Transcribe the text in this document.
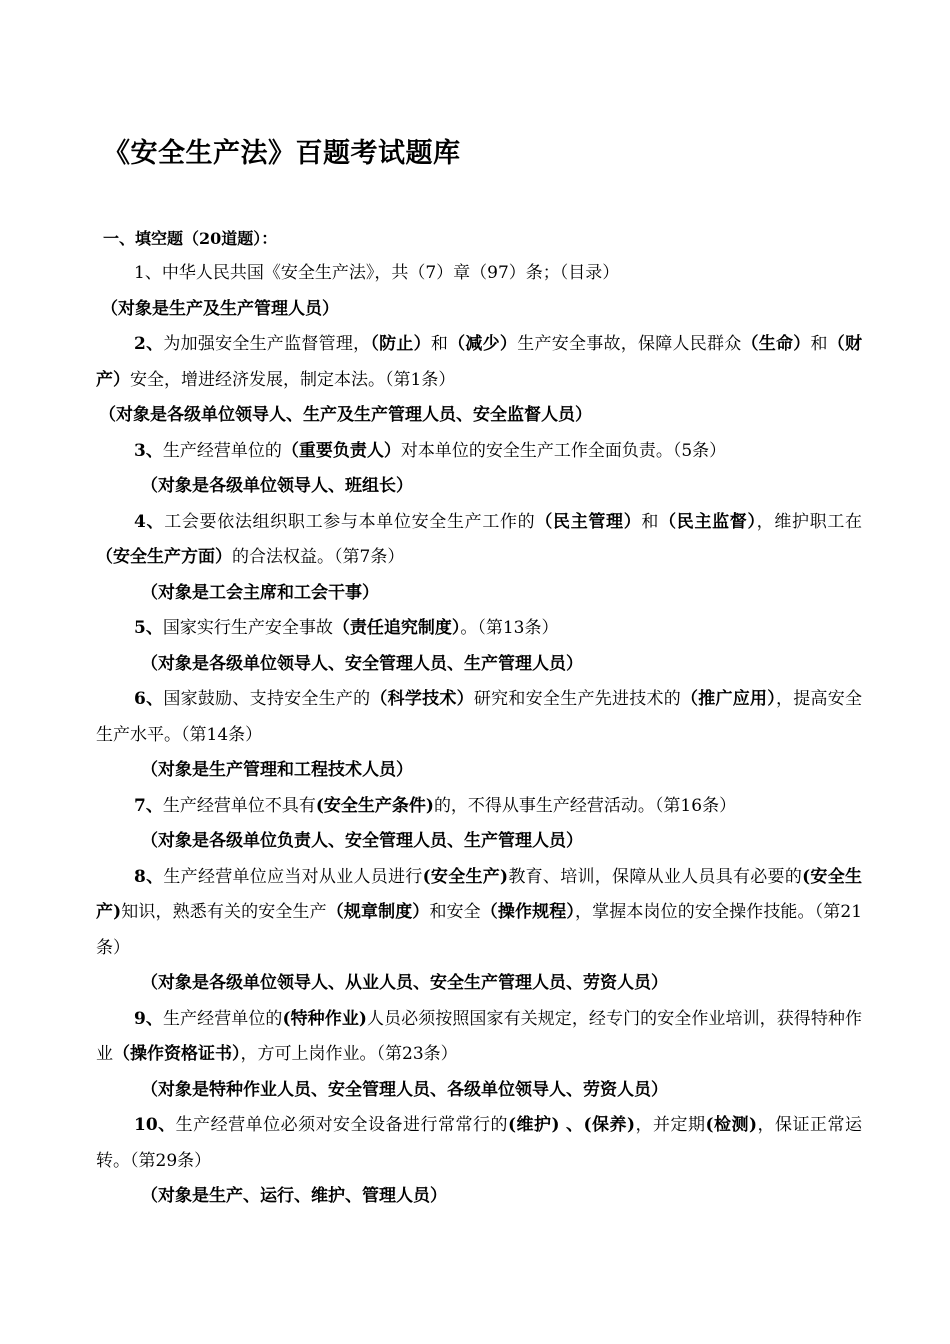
《安全生产法》百题考试题库
一、填空题（20道题）：

1、中华人民共国《安全生产法》，共（7）章（97）条；（目录）

（对象是生产及生产管理人员）

2、为加强安全生产监督管理，（防止）和（减少）生产安全事故，保障人民群众（生命）和（财产）安全，增进经济发展，制定本法。（第1条）

（对象是各级单位领导人、生产及生产管理人员、安全监督人员）

3、生产经营单位的（重要负责人）对本单位的安全生产工作全面负责。（5条）

（对象是各级单位领导人、班组长）

4、工会要依法组织职工参与本单位安全生产工作的（民主管理）和（民主监督），维护职工在（安全生产方面）的合法权益。（第7条）

（对象是工会主席和工会干事）

5、国家实行生产安全事故（责任追究制度）。（第13条）

（对象是各级单位领导人、安全管理人员、生产管理人员）

6、国家鼓励、支持安全生产的（科学技术）研究和安全生产先进技术的（推广应用），提高安全生产水平。（第14条）

（对象是生产管理和工程技术人员）

7、生产经营单位不具有(安全生产条件)的，不得从事生产经营活动。（第16条）

（对象是各级单位负责人、安全管理人员、生产管理人员）

8、生产经营单位应当对从业人员进行(安全生产)教育、培训，保障从业人员具有必要的(安全生产)知识，熟悉有关的安全生产（规章制度）和安全（操作规程），掌握本岗位的安全操作技能。（第21条）

（对象是各级单位领导人、从业人员、安全生产管理人员、劳资人员）

9、生产经营单位的(特种作业)人员必须按照国家有关规定，经专门的安全作业培训，获得特种作业（操作资格证书），方可上岗作业。（第23条）

（对象是特种作业人员、安全管理人员、各级单位领导人、劳资人员）

10、生产经营单位必须对安全设备进行常常行的(维护) 、(保养)，并定期(检测)，保证正常运转。（第29条）

（对象是生产、运行、维护、管理人员）
